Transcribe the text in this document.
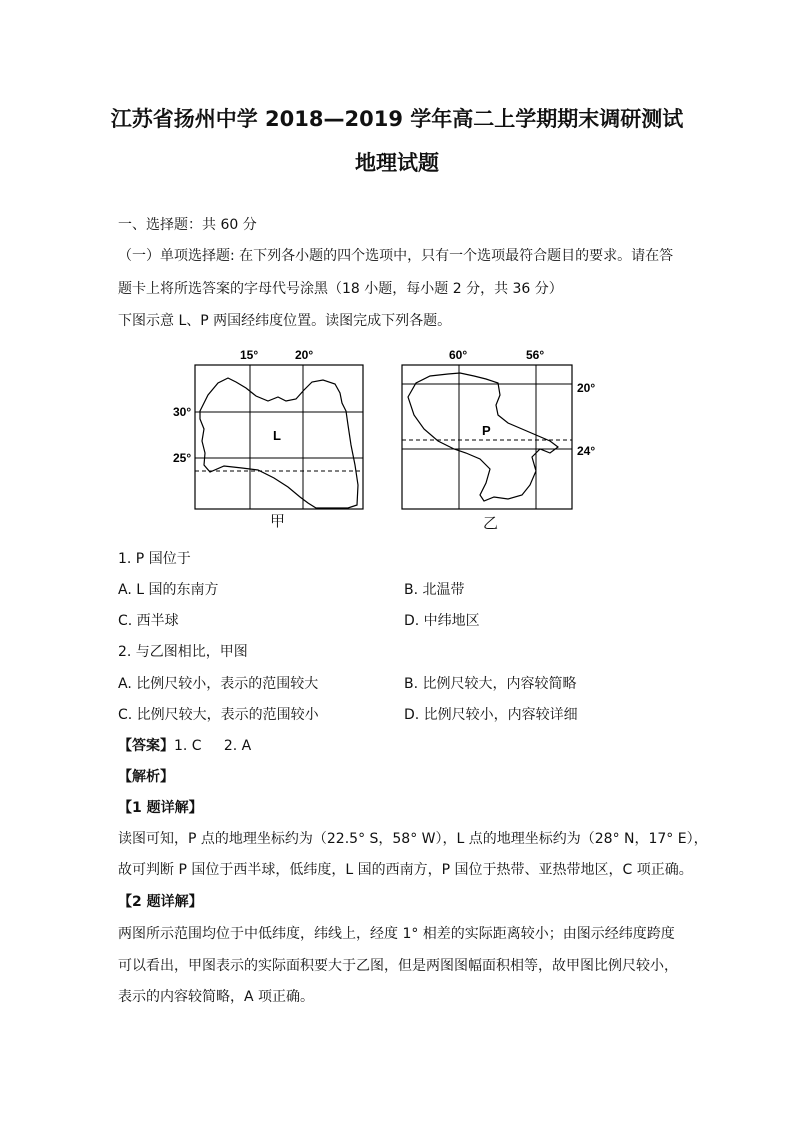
江苏省扬州中学 2018—2019 学年高二上学期期末调研测试
地理试题
一、选择题：共 60 分
（一）单项选择题: 在下列各小题的四个选项中，只有一个选项最符合题目的要求。请在答
题卡上将所选答案的字母代号涂黑（18 小题，每小题 2 分，共 36 分）
下图示意 L、P 两国经纬度位置。读图完成下列各题。
15°	20°
30°
25°
L
甲
60°	56°
20°
24°
P
乙
1. P 国位于
A. L 国的东南方	B. 北温带
C. 西半球	D. 中纬地区
2. 与乙图相比，甲图
A. 比例尺较小，表示的范围较大	B. 比例尺较大，内容较简略
C. 比例尺较大，表示的范围较小	D. 比例尺较小，内容较详细
【答案】1. C     2. A
【解析】
【1 题详解】
读图可知，P 点的地理坐标约为（22.5° S，58° W），L 点的地理坐标约为（28° N，17° E），
故可判断 P 国位于西半球，低纬度，L 国的西南方，P 国位于热带、亚热带地区，C 项正确。
【2 题详解】
两图所示范围均位于中低纬度，纬线上，经度 1° 相差的实际距离较小；由图示经纬度跨度
可以看出，甲图表示的实际面积要大于乙图，但是两图图幅面积相等，故甲图比例尺较小，
表示的内容较简略，A 项正确。
